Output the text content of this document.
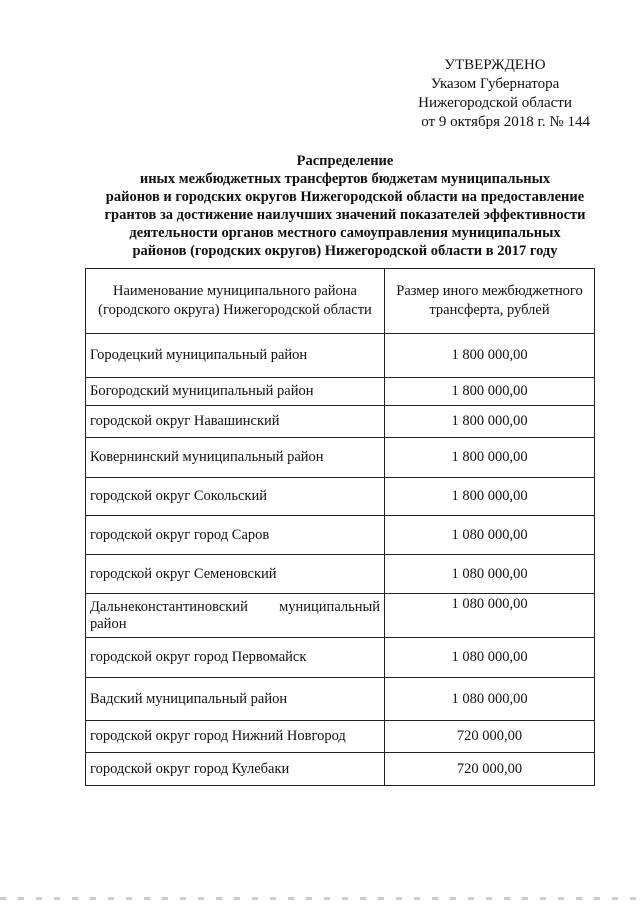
УТВЕРЖДЕНО
Указом Губернатора
Нижегородской области
от 9 октября 2018 г. № 144
Распределение
иных межбюджетных трансфертов бюджетам муниципальных
районов и городских округов Нижегородской области на предоставление
грантов за достижение наилучших значений показателей эффективности
деятельности органов местного самоуправления муниципальных
районов (городских округов) Нижегородской области в 2017 году
Наименование муниципального района
(городского округа) Нижегородской области	Размер иного межбюджетного
трансферта, рублей
Городецкий муниципальный район	1 800 000,00
Богородский муниципальный район	1 800 000,00
городской округ Навашинский	1 800 000,00
Ковернинский муниципальный район	1 800 000,00
городской округ Сокольский	1 800 000,00
городской округ город Саров	1 080 000,00
городской округ Семеновский	1 080 000,00
Дальнеконстантиновский муниципальный район	1 080 000,00
городской округ город Первомайск	1 080 000,00
Вадский муниципальный район	1 080 000,00
городской округ город Нижний Новгород	720 000,00
городской округ город Кулебаки	720 000,00
